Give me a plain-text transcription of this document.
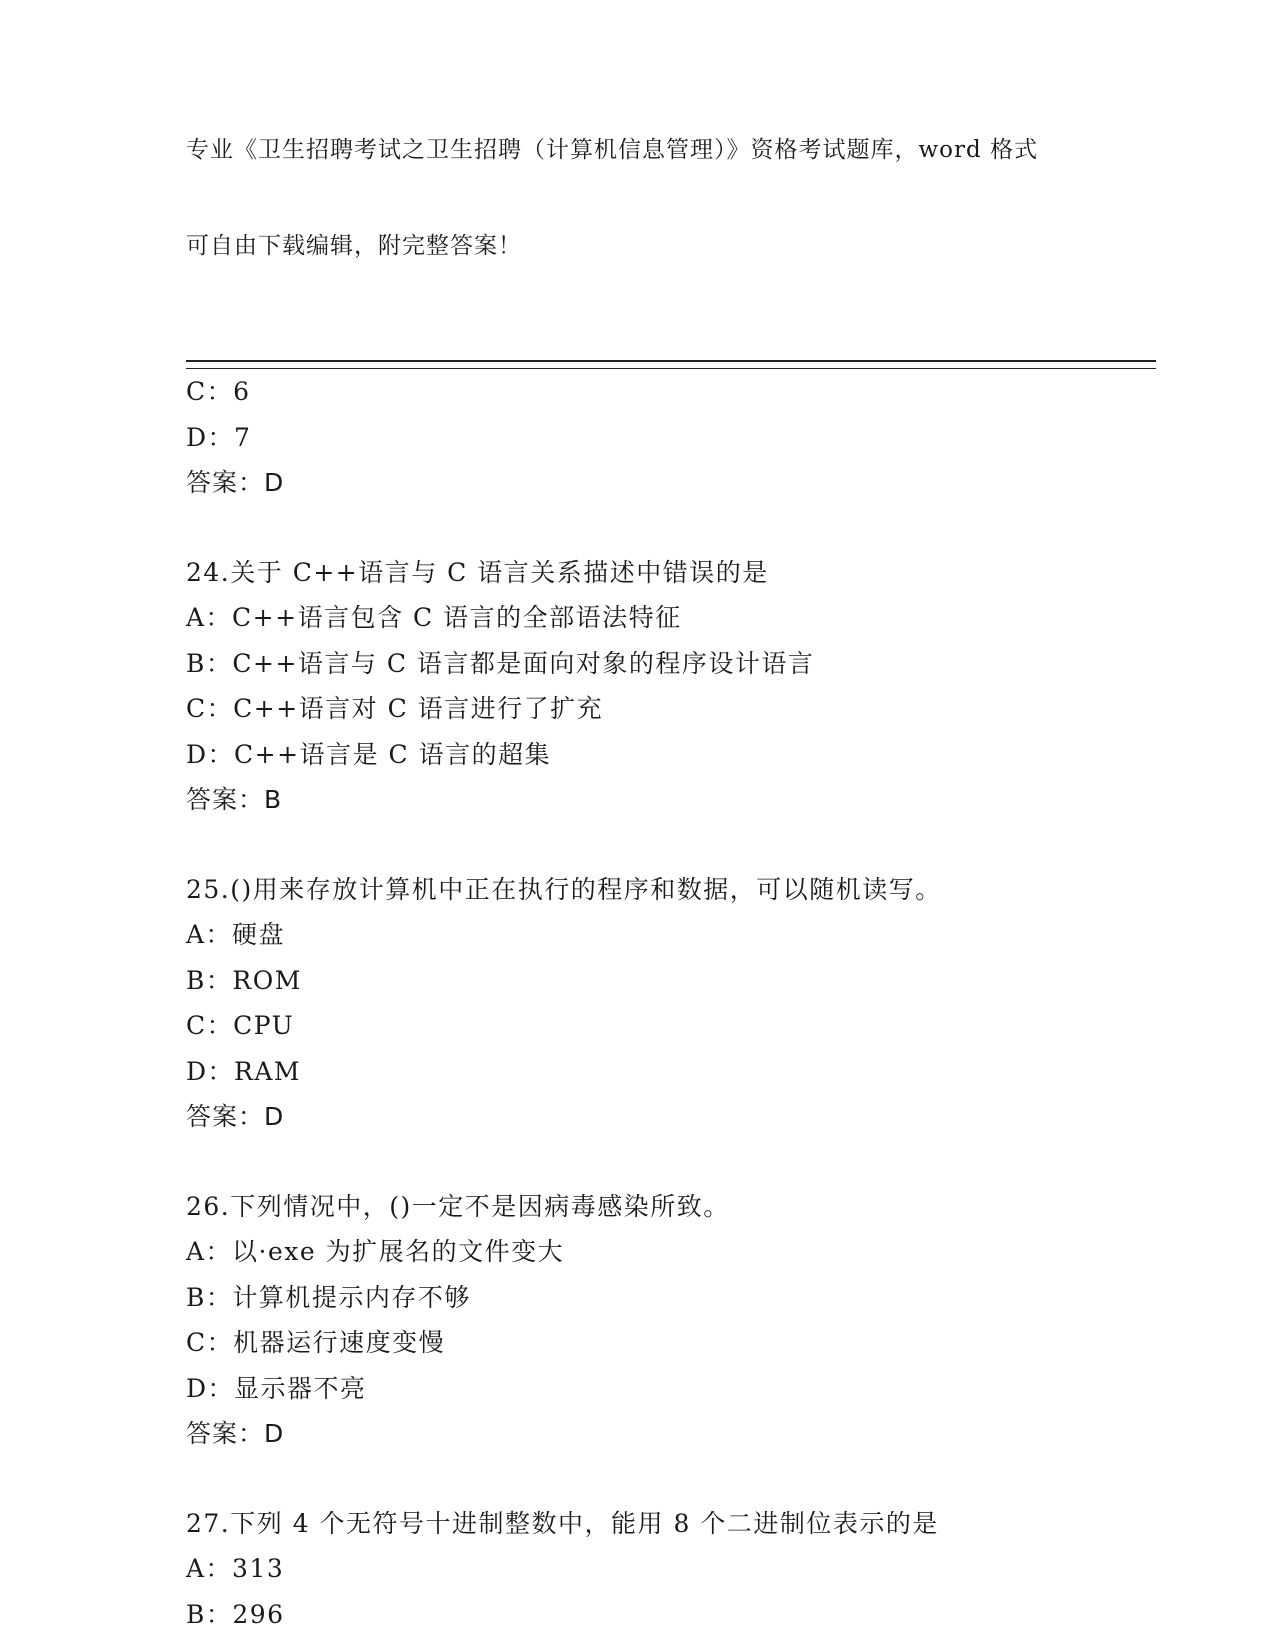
专业《卫生招聘考试之卫生招聘（计算机信息管理）》资格考试题库，word 格式

可自由下载编辑，附完整答案！

C：6
D：7
答案：D
24.关于 C++语言与 C 语言关系描述中错误的是
A：C++语言包含 C 语言的全部语法特征
B：C++语言与 C 语言都是面向对象的程序设计语言
C：C++语言对 C 语言进行了扩充
D：C++语言是 C 语言的超集
答案：B
25.()用来存放计算机中正在执行的程序和数据，可以随机读写。
A：硬盘
B：ROM
C：CPU
D：RAM
答案：D
26.下列情况中，()一定不是因病毒感染所致。
A：以·exe 为扩展名的文件变大
B：计算机提示内存不够
C：机器运行速度变慢
D：显示器不亮
答案：D
27.下列 4 个无符号十进制整数中，能用 8 个二进制位表示的是
A：313
B：296
